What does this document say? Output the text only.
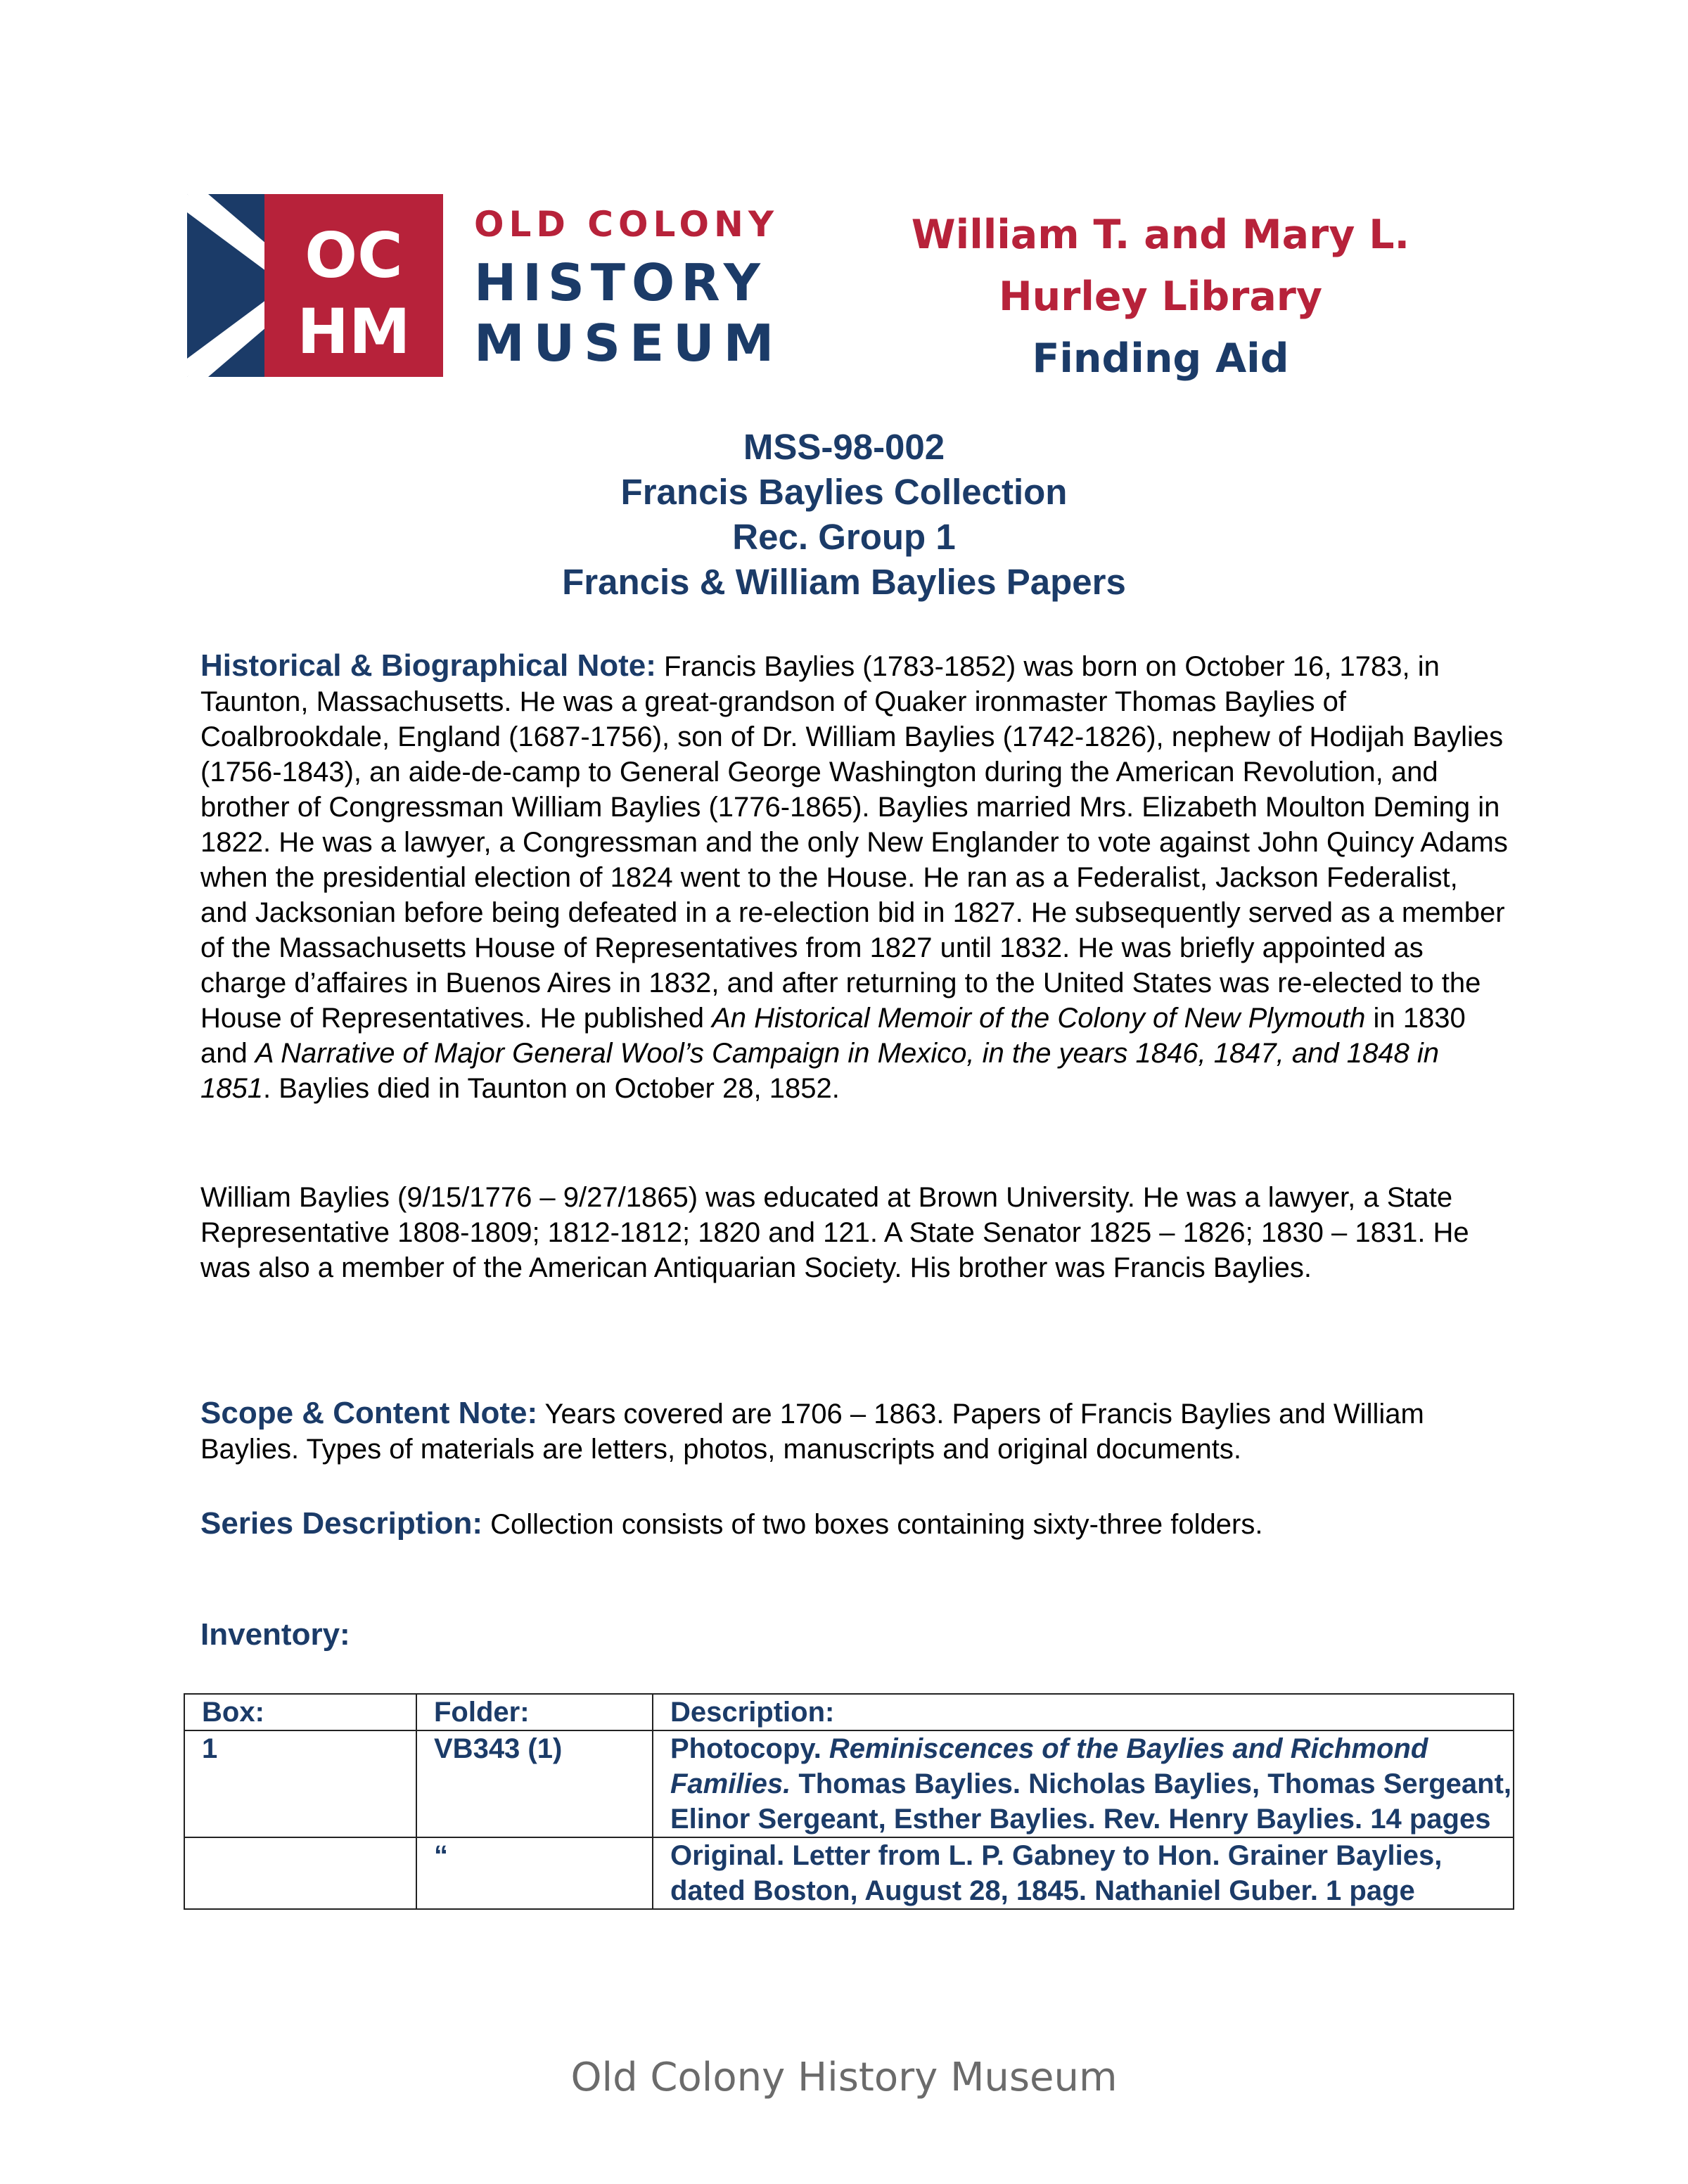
OC
HM
OLD COLONY
HISTORY
MUSEUM
William T. and Mary L.
Hurley Library
Finding Aid
MSS-98-002
Francis Baylies Collection
Rec. Group 1
Francis & William Baylies Papers

Historical & Biographical Note: Francis Baylies (1783-1852) was born on October 16, 1783, in Taunton, Massachusetts. He was a great-grandson of Quaker ironmaster Thomas Baylies of Coalbrookdale, England (1687-1756), son of Dr. William Baylies (1742-1826), nephew of Hodijah Baylies (1756-1843), an aide-de-camp to General George Washington during the American Revolution, and brother of Congressman William Baylies (1776-1865). Baylies married Mrs. Elizabeth Moulton Deming in 1822. He was a lawyer, a Congressman and the only New Englander to vote against John Quincy Adams when the presidential election of 1824 went to the House. He ran as a Federalist, Jackson Federalist, and Jacksonian before being defeated in a re-election bid in 1827. He subsequently served as a member of the Massachusetts House of Representatives from 1827 until 1832. He was briefly appointed as charge d’affaires in Buenos Aires in 1832, and after returning to the United States was re-elected to the House of Representatives. He published An Historical Memoir of the Colony of New Plymouth in 1830 and A Narrative of Major General Wool’s Campaign in Mexico, in the years 1846, 1847, and 1848 in 1851. Baylies died in Taunton on October 28, 1852.

William Baylies (9/15/1776 – 9/27/1865) was educated at Brown University. He was a lawyer, a State Representative 1808-1809; 1812-1812; 1820 and 121. A State Senator 1825 – 1826; 1830 – 1831. He was also a member of the American Antiquarian Society. His brother was Francis Baylies.

Scope & Content Note: Years covered are 1706 – 1863. Papers of Francis Baylies and William Baylies. Types of materials are letters, photos, manuscripts and original documents.

Series Description: Collection consists of two boxes containing sixty-three folders.

Inventory:
Box:	Folder:	Description:
1	VB343 (1)	Photocopy. Reminiscences of the Baylies and Richmond Families. Thomas Baylies. Nicholas Baylies, Thomas Sergeant, Elinor Sergeant, Esther Baylies. Rev. Henry Baylies. 14 pages
	“	Original. Letter from L. P. Gabney to Hon. Grainer Baylies, dated Boston, August 28, 1845. Nathaniel Guber. 1 page
Old Colony History Museum
